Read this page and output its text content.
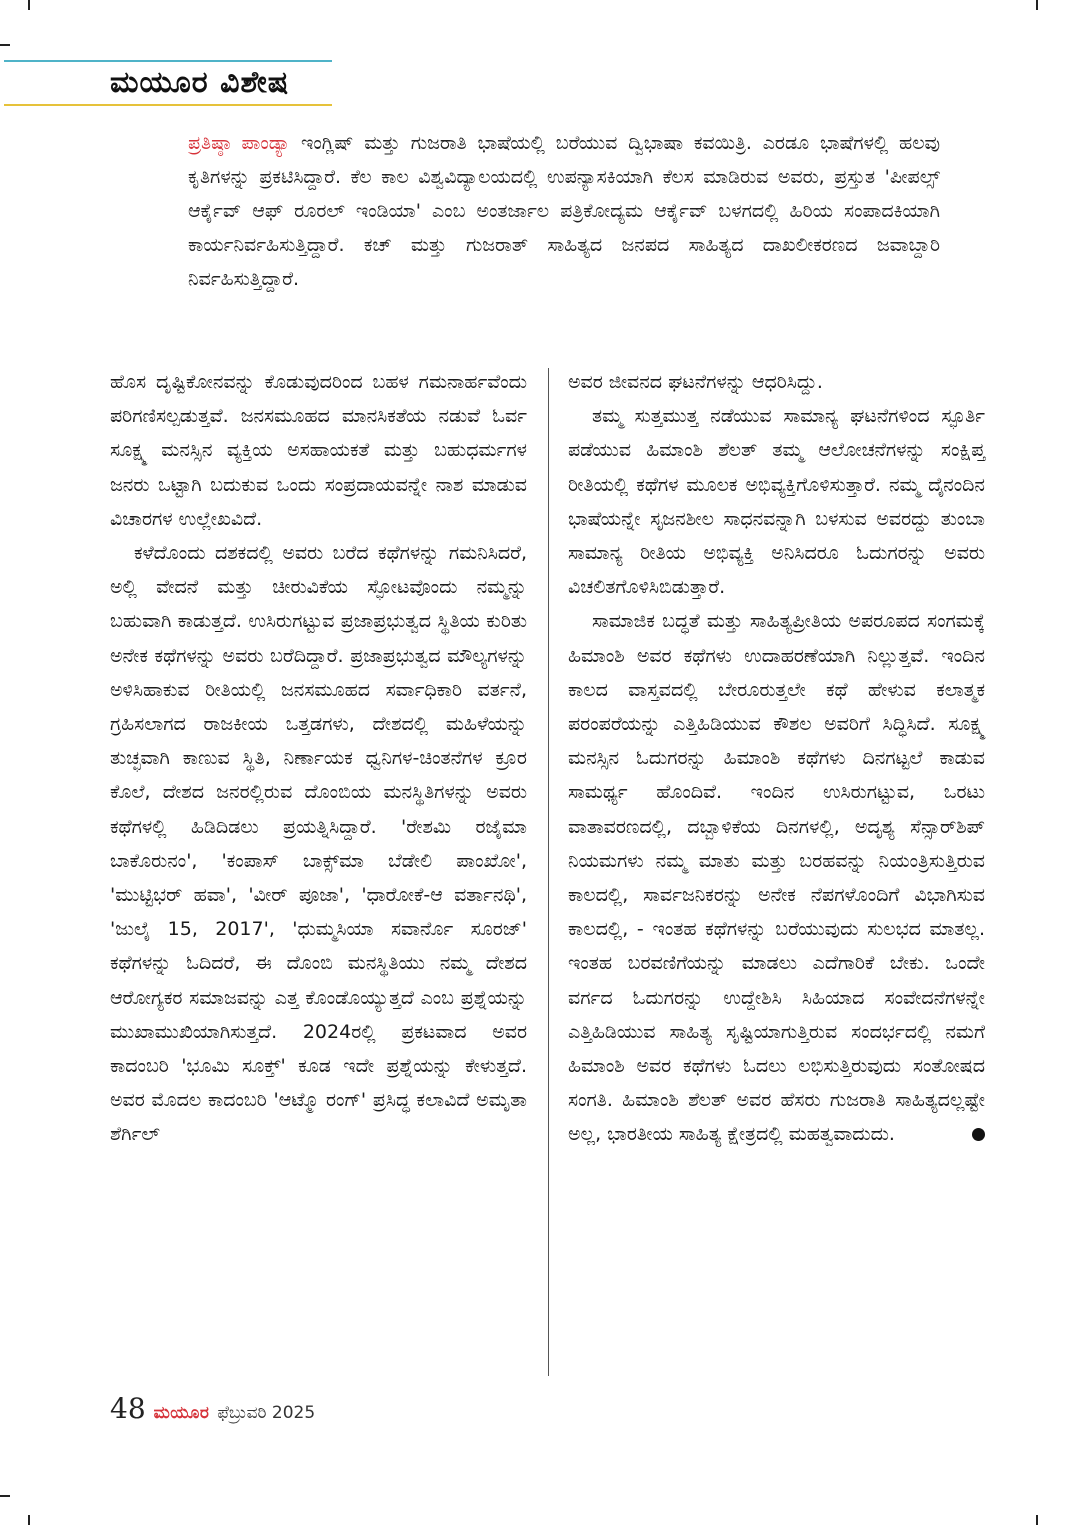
ಮಯೂರ ವಿಶೇಷ

ಪ್ರತಿಷ್ಠಾ ಪಾಂಡ್ಯಾ ಇಂಗ್ಲಿಷ್ ಮತ್ತು ಗುಜರಾತಿ ಭಾಷೆಯಲ್ಲಿ ಬರೆಯುವ ದ್ವಿಭಾಷಾ ಕವಯಿತ್ರಿ. ಎರಡೂ ಭಾಷೆಗಳಲ್ಲಿ ಹಲವು ಕೃತಿಗಳನ್ನು ಪ್ರಕಟಿಸಿದ್ದಾರೆ. ಕೆಲ ಕಾಲ ವಿಶ್ವವಿದ್ಯಾಲಯದಲ್ಲಿ ಉಪನ್ಯಾಸಕಿಯಾಗಿ ಕೆಲಸ ಮಾಡಿರುವ ಅವರು, ಪ್ರಸ್ತುತ 'ಪೀಪಲ್ಸ್ ಆರ್ಕೈವ್ ಆಫ್ ರೂರಲ್ ಇಂಡಿಯಾ' ಎಂಬ ಅಂತರ್ಜಾಲ ಪತ್ರಿಕೋದ್ಯಮ ಆರ್ಕೈವ್ ಬಳಗದಲ್ಲಿ ಹಿರಿಯ ಸಂಪಾದಕಿಯಾಗಿ ಕಾರ್ಯನಿರ್ವಹಿಸುತ್ತಿದ್ದಾರೆ. ಕಚ್ ಮತ್ತು ಗುಜರಾತ್ ಸಾಹಿತ್ಯದ ಜನಪದ ಸಾಹಿತ್ಯದ ದಾಖಲೀಕರಣದ ಜವಾಬ್ದಾರಿ ನಿರ್ವಹಿಸುತ್ತಿದ್ದಾರೆ.

ಹೊಸ ದೃಷ್ಟಿಕೋನವನ್ನು ಕೊಡುವುದರಿಂದ ಬಹಳ ಗಮನಾರ್ಹವೆಂದು ಪರಿಗಣಿಸಲ್ಪಡುತ್ತವೆ. ಜನಸಮೂಹದ ಮಾನಸಿಕತೆಯ ನಡುವೆ ಓರ್ವ ಸೂಕ್ಷ್ಮ ಮನಸ್ಸಿನ ವ್ಯಕ್ತಿಯ ಅಸಹಾಯಕತೆ ಮತ್ತು ಬಹುಧರ್ಮಗಳ ಜನರು ಒಟ್ಟಾಗಿ ಬದುಕುವ ಒಂದು ಸಂಪ್ರದಾಯವನ್ನೇ ನಾಶ ಮಾಡುವ ವಿಚಾರಗಳ ಉಲ್ಲೇಖವಿದೆ.

ಕಳೆದೊಂದು ದಶಕದಲ್ಲಿ ಅವರು ಬರೆದ ಕಥೆಗಳನ್ನು ಗಮನಿಸಿದರೆ, ಅಲ್ಲಿ ವೇದನೆ ಮತ್ತು ಚೀರುವಿಕೆಯ ಸ್ಫೋಟವೊಂದು ನಮ್ಮನ್ನು ಬಹುವಾಗಿ ಕಾಡುತ್ತದೆ. ಉಸಿರುಗಟ್ಟುವ ಪ್ರಜಾಪ್ರಭುತ್ವದ ಸ್ಥಿತಿಯ ಕುರಿತು ಅನೇಕ ಕಥೆಗಳನ್ನು ಅವರು ಬರೆದಿದ್ದಾರೆ. ಪ್ರಜಾಪ್ರಭುತ್ವದ ಮೌಲ್ಯಗಳನ್ನು ಅಳಿಸಿಹಾಕುವ ರೀತಿಯಲ್ಲಿ ಜನಸಮೂಹದ ಸರ್ವಾಧಿಕಾರಿ ವರ್ತನೆ, ಗ್ರಹಿಸಲಾಗದ ರಾಜಕೀಯ ಒತ್ತಡಗಳು, ದೇಶದಲ್ಲಿ ಮಹಿಳೆಯನ್ನು ತುಚ್ಛವಾಗಿ ಕಾಣುವ ಸ್ಥಿತಿ, ನಿರ್ಣಾಯಕ ಧ್ವನಿಗಳ-ಚಿಂತನೆಗಳ ಕ್ರೂರ ಕೊಲೆ, ದೇಶದ ಜನರಲ್ಲಿರುವ ದೊಂಬಿಯ ಮನಸ್ಥಿತಿಗಳನ್ನು ಅವರು ಕಥೆಗಳಲ್ಲಿ ಹಿಡಿದಿಡಲು ಪ್ರಯತ್ನಿಸಿದ್ದಾರೆ. 'ರೇಶಮಿ ರಜೈಮಾ ಬಾಕೊರುನಂ', 'ಕಂಪಾಸ್ ಬಾಕ್ಸ್‌ಮಾ ಬೆಡೇಲಿ ಪಾಂಖೋ', 'ಮುಟ್ಟಿಭರ್ ಹವಾ', 'ವೀರ್ ಪೂಜಾ', 'ಧಾರೋಕೆ-ಆ ವರ್ತಾನಥಿ', 'ಜುಲೈ 15, 2017', 'ಧುಮ್ಮಸಿಯಾ ಸವಾರ್ನೊ ಸೂರಜ್' ಕಥೆಗಳನ್ನು ಓದಿದರೆ, ಈ ದೊಂಬಿ ಮನಸ್ಥಿತಿಯು ನಮ್ಮ ದೇಶದ ಆರೋಗ್ಯಕರ ಸಮಾಜವನ್ನು ಎತ್ತ ಕೊಂಡೊಯ್ಯುತ್ತದೆ ಎಂಬ ಪ್ರಶ್ನೆಯನ್ನು ಮುಖಾಮುಖಿಯಾಗಿಸುತ್ತದೆ. 2024ರಲ್ಲಿ ಪ್ರಕಟವಾದ ಅವರ ಕಾದಂಬರಿ 'ಭೂಮಿ ಸೂಕ್ತ್' ಕೂಡ ಇದೇ ಪ್ರಶ್ನೆಯನ್ನು ಕೇಳುತ್ತದೆ. ಅವರ ಮೊದಲ ಕಾದಂಬರಿ 'ಆಟ್ಮೊ ರಂಗ್' ಪ್ರಸಿದ್ಧ ಕಲಾವಿದೆ ಅಮೃತಾ ಶೆರ್ಗಿಲ್

ಅವರ ಜೀವನದ ಘಟನೆಗಳನ್ನು ಆಧರಿಸಿದ್ದು.

ತಮ್ಮ ಸುತ್ತಮುತ್ತ ನಡೆಯುವ ಸಾಮಾನ್ಯ ಘಟನೆಗಳಿಂದ ಸ್ಫೂರ್ತಿ ಪಡೆಯುವ ಹಿಮಾಂಶಿ ಶೆಲತ್ ತಮ್ಮ ಆಲೋಚನೆಗಳನ್ನು ಸಂಕ್ಷಿಪ್ತ ರೀತಿಯಲ್ಲಿ ಕಥೆಗಳ ಮೂಲಕ ಅಭಿವ್ಯಕ್ತಿಗೊಳಿಸುತ್ತಾರೆ. ನಮ್ಮ ದೈನಂದಿನ ಭಾಷೆಯನ್ನೇ ಸೃಜನಶೀಲ ಸಾಧನವನ್ನಾಗಿ ಬಳಸುವ ಅವರದ್ದು ತುಂಬಾ ಸಾಮಾನ್ಯ ರೀತಿಯ ಅಭಿವ್ಯಕ್ತಿ ಅನಿಸಿದರೂ ಓದುಗರನ್ನು ಅವರು ವಿಚಲಿತಗೊಳಿಸಿಬಿಡುತ್ತಾರೆ.

ಸಾಮಾಜಿಕ ಬದ್ಧತೆ ಮತ್ತು ಸಾಹಿತ್ಯಪ್ರೀತಿಯ ಅಪರೂಪದ ಸಂಗಮಕ್ಕೆ ಹಿಮಾಂಶಿ ಅವರ ಕಥೆಗಳು ಉದಾಹರಣೆಯಾಗಿ ನಿಲ್ಲುತ್ತವೆ. ಇಂದಿನ ಕಾಲದ ವಾಸ್ತವದಲ್ಲಿ ಬೇರೂರುತ್ತಲೇ ಕಥೆ ಹೇಳುವ ಕಲಾತ್ಮಕ ಪರಂಪರೆಯನ್ನು ಎತ್ತಿಹಿಡಿಯುವ ಕೌಶಲ ಅವರಿಗೆ ಸಿದ್ಧಿಸಿದೆ. ಸೂಕ್ಷ್ಮ ಮನಸ್ಸಿನ ಓದುಗರನ್ನು ಹಿಮಾಂಶಿ ಕಥೆಗಳು ದಿನಗಟ್ಟಲೆ ಕಾಡುವ ಸಾಮರ್ಥ್ಯ ಹೊಂದಿವೆ. ಇಂದಿನ ಉಸಿರುಗಟ್ಟುವ, ಒರಟು ವಾತಾವರಣದಲ್ಲಿ, ದಬ್ಬಾಳಿಕೆಯ ದಿನಗಳಲ್ಲಿ, ಅದೃಶ್ಯ ಸೆನ್ಸಾರ್‌ಶಿಪ್ ನಿಯಮಗಳು ನಮ್ಮ ಮಾತು ಮತ್ತು ಬರಹವನ್ನು ನಿಯಂತ್ರಿಸುತ್ತಿರುವ ಕಾಲದಲ್ಲಿ, ಸಾರ್ವಜನಿಕರನ್ನು ಅನೇಕ ನೆಪಗಳೊಂದಿಗೆ ವಿಭಾಗಿಸುವ ಕಾಲದಲ್ಲಿ, - ಇಂತಹ ಕಥೆಗಳನ್ನು ಬರೆಯುವುದು ಸುಲಭದ ಮಾತಲ್ಲ. ಇಂತಹ ಬರವಣಿಗೆಯನ್ನು ಮಾಡಲು ಎದೆಗಾರಿಕೆ ಬೇಕು. ಒಂದೇ ವರ್ಗದ ಓದುಗರನ್ನು ಉದ್ದೇಶಿಸಿ ಸಿಹಿಯಾದ ಸಂವೇದನೆಗಳನ್ನೇ ಎತ್ತಿಹಿಡಿಯುವ ಸಾಹಿತ್ಯ ಸೃಷ್ಟಿಯಾಗುತ್ತಿರುವ ಸಂದರ್ಭದಲ್ಲಿ ನಮಗೆ ಹಿಮಾಂಶಿ ಅವರ ಕಥೆಗಳು ಓದಲು ಲಭಿಸುತ್ತಿರುವುದು ಸಂತೋಷದ ಸಂಗತಿ. ಹಿಮಾಂಶಿ ಶೆಲತ್ ಅವರ ಹೆಸರು ಗುಜರಾತಿ ಸಾಹಿತ್ಯದಲ್ಲಷ್ಟೇ ಅಲ್ಲ, ಭಾರತೀಯ ಸಾಹಿತ್ಯ ಕ್ಷೇತ್ರದಲ್ಲಿ ಮಹತ್ವವಾದುದು.

48 ಮಯೂರ ಫೆಬ್ರುವರಿ 2025
